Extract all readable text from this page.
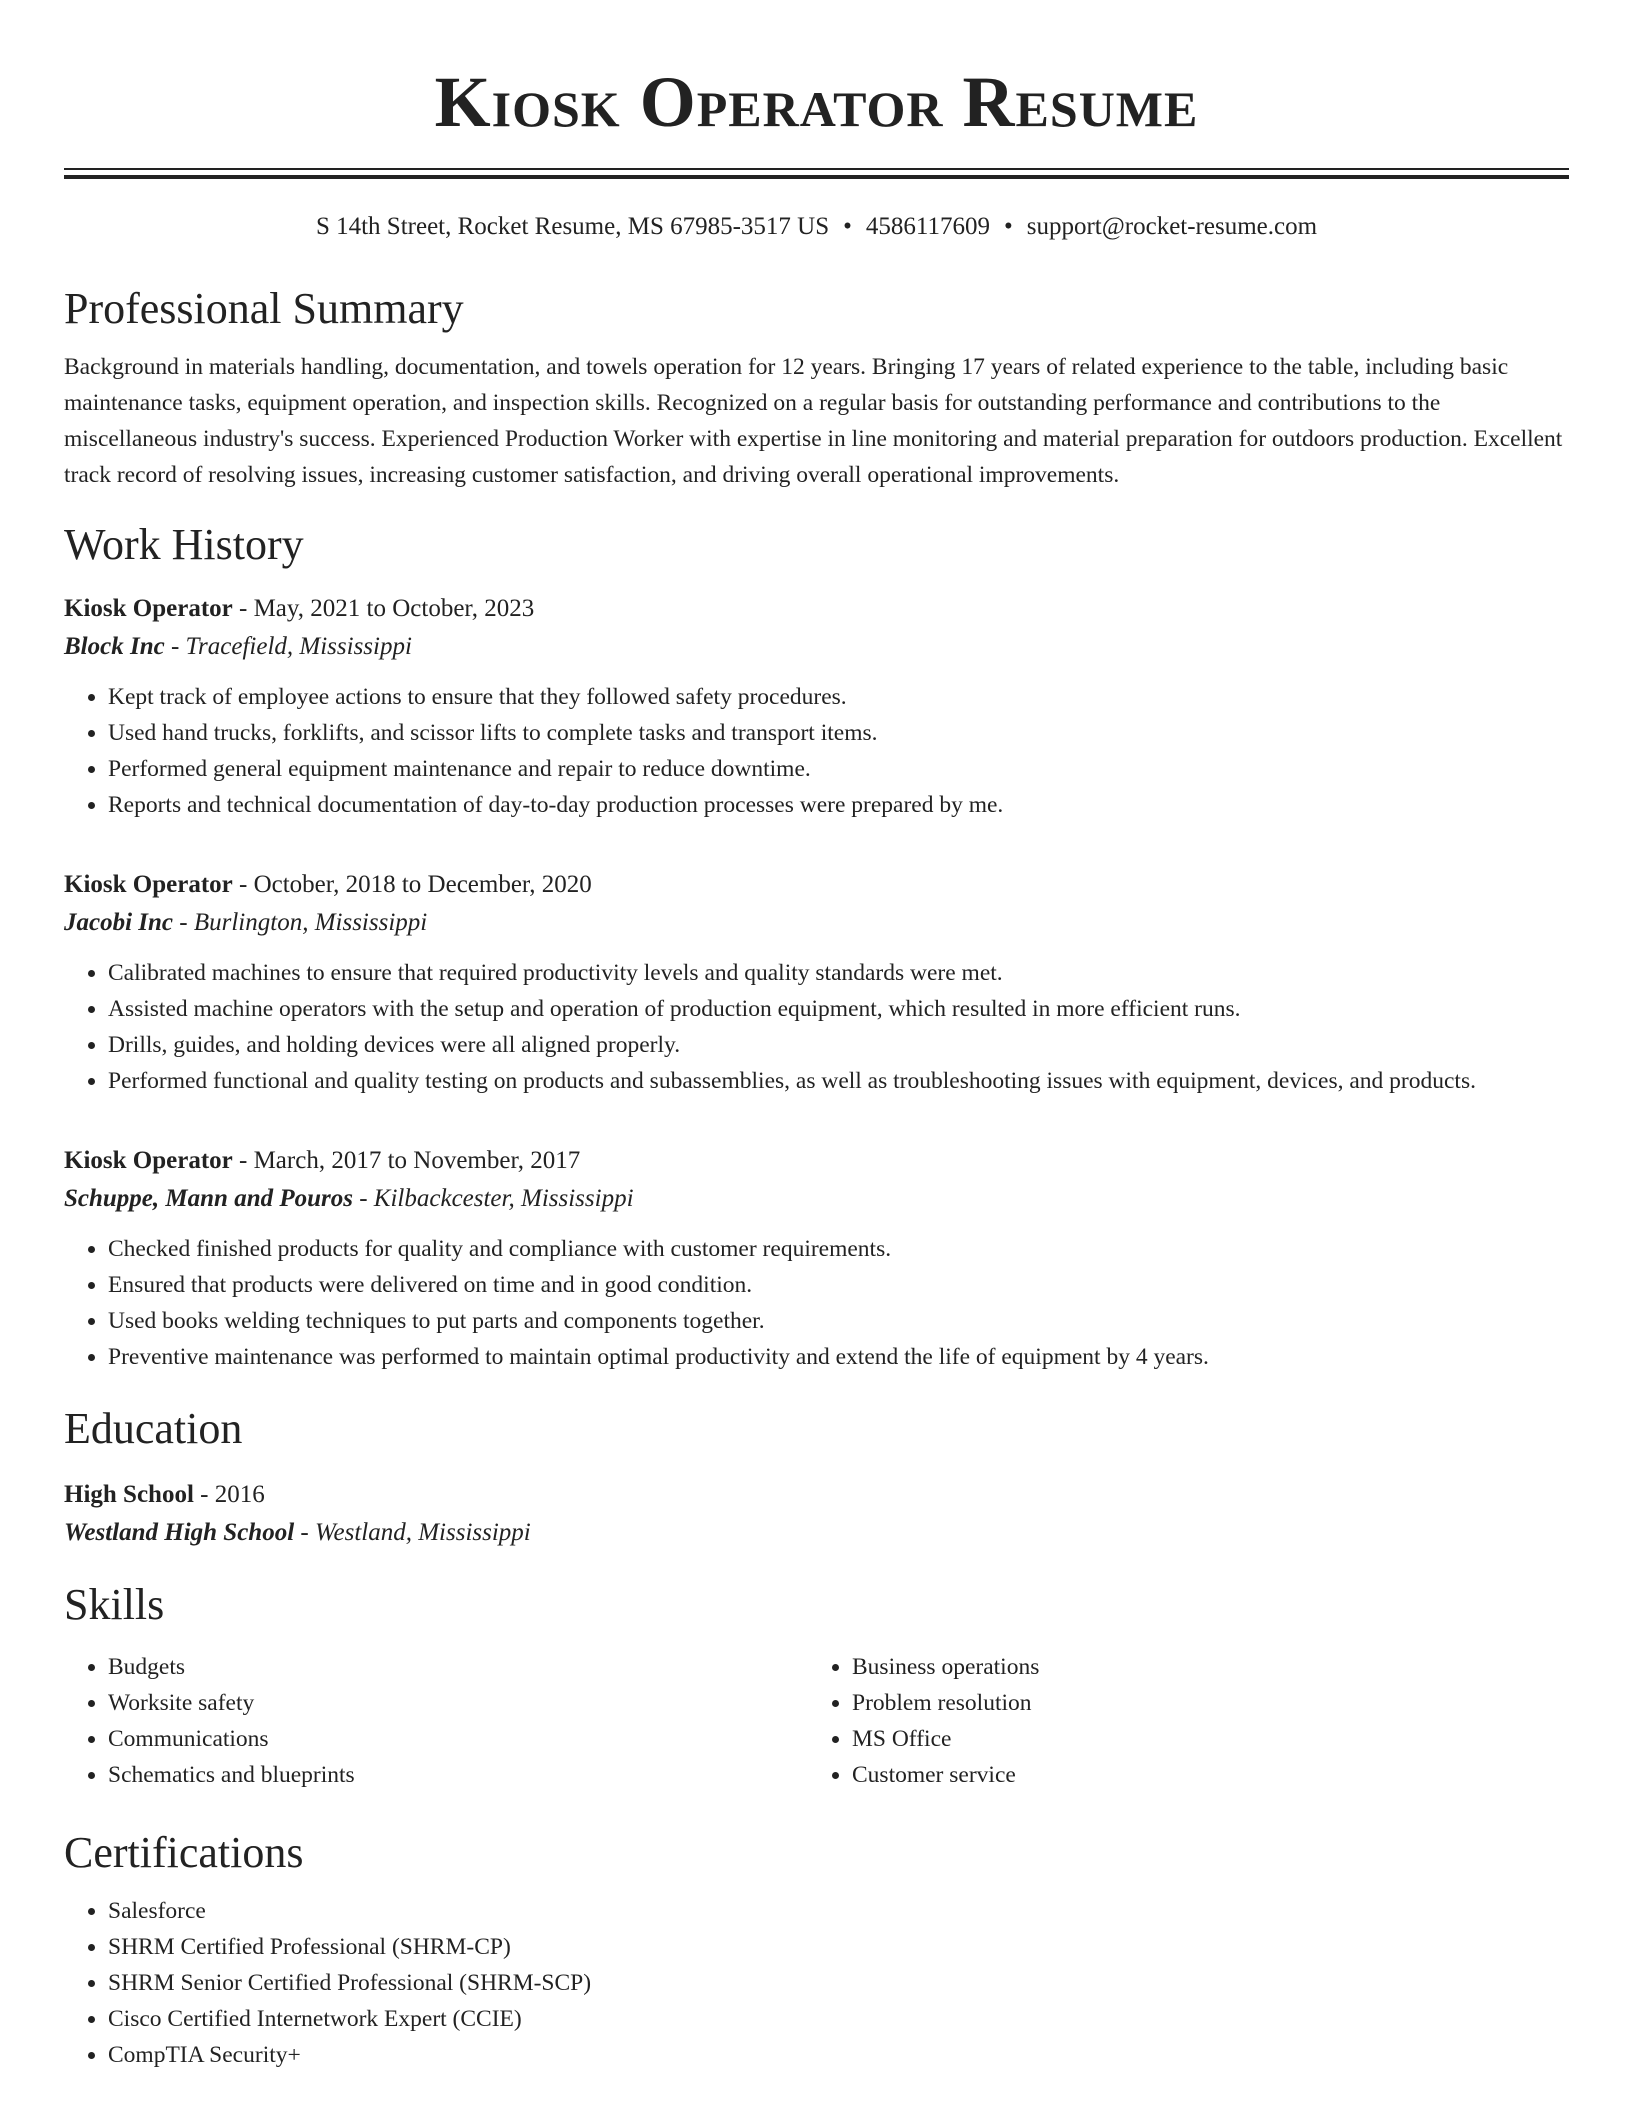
Kiosk Operator Resume
S 14th Street, Rocket Resume, MS 67985-3517 US • 4586117609 • support@rocket-resume.com
Professional Summary

Background in materials handling, documentation, and towels operation for 12 years. Bringing 17 years of related experience to the table, including basic maintenance tasks, equipment operation, and inspection skills. Recognized on a regular basis for outstanding performance and contributions to the miscellaneous industry's success. Experienced Production Worker with expertise in line monitoring and material preparation for outdoors production. Excellent track record of resolving issues, increasing customer satisfaction, and driving overall operational improvements.

Work History
Kiosk Operator - May, 2021 to October, 2023
Block Inc - Tracefield, Mississippi
• Kept track of employee actions to ensure that they followed safety procedures.
• Used hand trucks, forklifts, and scissor lifts to complete tasks and transport items.
• Performed general equipment maintenance and repair to reduce downtime.
• Reports and technical documentation of day-to-day production processes were prepared by me.
Kiosk Operator - October, 2018 to December, 2020
Jacobi Inc - Burlington, Mississippi
• Calibrated machines to ensure that required productivity levels and quality standards were met.
• Assisted machine operators with the setup and operation of production equipment, which resulted in more efficient runs.
• Drills, guides, and holding devices were all aligned properly.
• Performed functional and quality testing on products and subassemblies, as well as troubleshooting issues with equipment, devices, and products.
Kiosk Operator - March, 2017 to November, 2017
Schuppe, Mann and Pouros - Kilbackcester, Mississippi
• Checked finished products for quality and compliance with customer requirements.
• Ensured that products were delivered on time and in good condition.
• Used books welding techniques to put parts and components together.
• Preventive maintenance was performed to maintain optimal productivity and extend the life of equipment by 4 years.
Education
High School - 2016
Westland High School - Westland, Mississippi
Skills
• Budgets
• Worksite safety
• Communications
• Schematics and blueprints
• Business operations
• Problem resolution
• MS Office
• Customer service
Certifications
• Salesforce
• SHRM Certified Professional (SHRM-CP)
• SHRM Senior Certified Professional (SHRM-SCP)
• Cisco Certified Internetwork Expert (CCIE)
• CompTIA Security+
